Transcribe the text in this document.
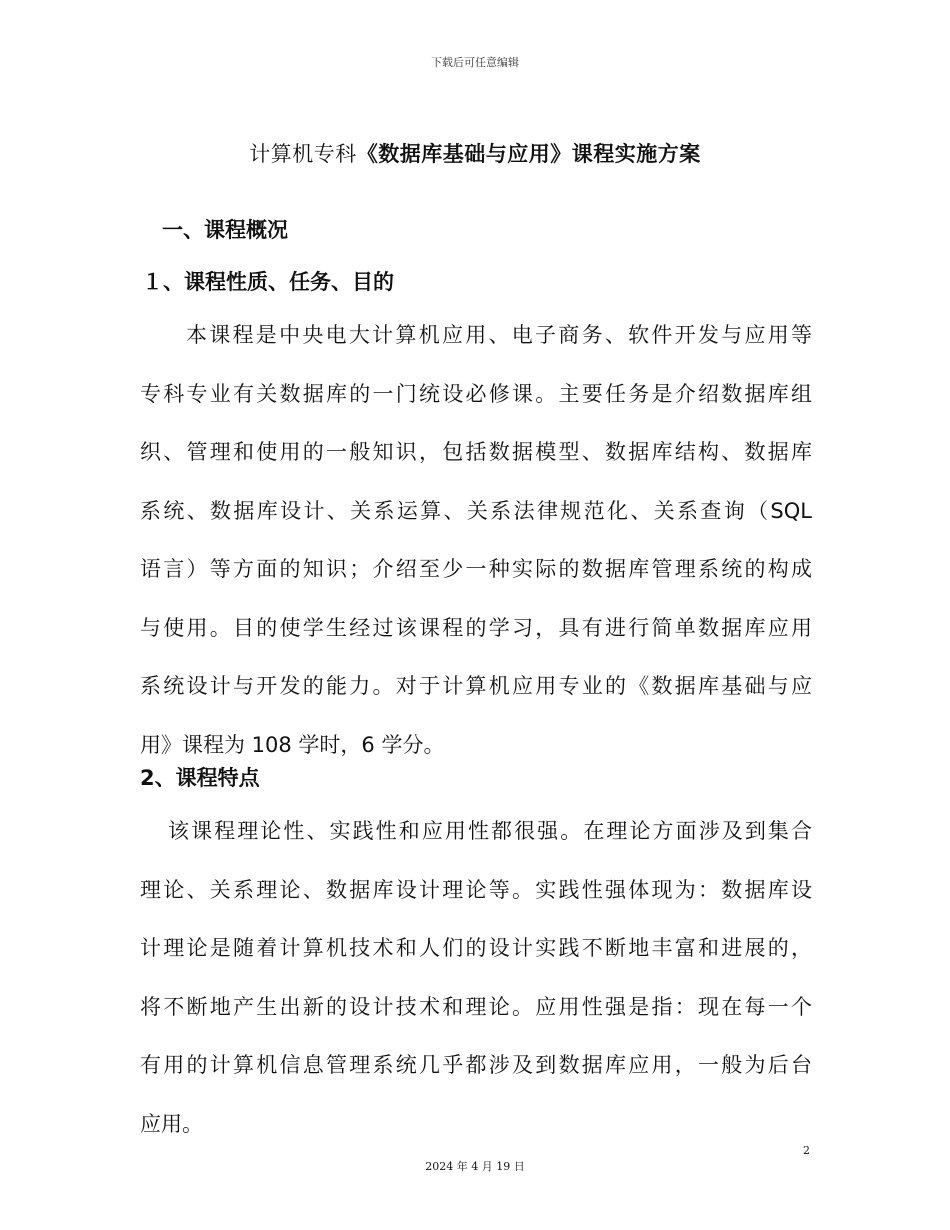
下载后可任意编辑
计算机专科《数据库基础与应用》课程实施方案
一、课程概况
１、课程性质、任务、目的
本课程是中央电大计算机应用、电子商务、软件开发与应用等
专科专业有关数据库的一门统设必修课。主要任务是介绍数据库组
织、管理和使用的一般知识，包括数据模型、数据库结构、数据库
系统、数据库设计、关系运算、关系法律规范化、关系查询（SQL
语言）等方面的知识；介绍至少一种实际的数据库管理系统的构成
与使用。目的使学生经过该课程的学习，具有进行简单数据库应用
系统设计与开发的能力。对于计算机应用专业的《数据库基础与应
用》课程为 108 学时，6 学分。
2、课程特点
该课程理论性、实践性和应用性都很强。在理论方面涉及到集合
理论、关系理论、数据库设计理论等。实践性强体现为：数据库设
计理论是随着计算机技术和人们的设计实践不断地丰富和进展的，
将不断地产生出新的设计技术和理论。应用性强是指：现在每一个
有用的计算机信息管理系统几乎都涉及到数据库应用，一般为后台
应用。
2
2024 年 4 月 19 日
